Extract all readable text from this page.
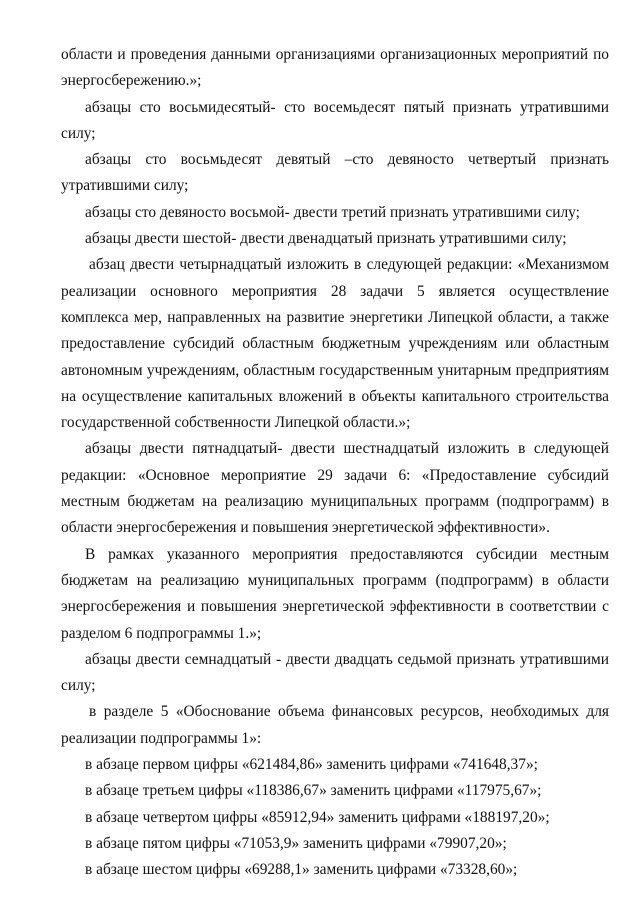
области и проведения данными организациями организационных мероприятий по энергосбережению.»;

абзацы сто восьмидесятый- сто восемьдесят пятый признать утратившими силу;

абзацы сто восьмьдесят девятый –сто девяносто четвертый признать утратившими силу;

абзацы сто девяносто восьмой- двести третий признать утратившими силу;

абзацы двести шестой- двести двенадцатый признать утратившими силу;

абзац двести четырнадцатый изложить в следующей редакции: «Механизмом реализации основного мероприятия 28 задачи 5 является осуществление комплекса мер, направленных на развитие энергетики Липецкой области, а также предоставление субсидий областным бюджетным учреждениям или областным автономным учреждениям, областным государственным унитарным предприятиям на осуществление капитальных вложений в объекты капитального строительства государственной собственности Липецкой области.»;

абзацы двести пятнадцатый- двести шестнадцатый изложить в следующей редакции: «Основное мероприятие 29 задачи 6: «Предоставление субсидий местным бюджетам на реализацию муниципальных программ (подпрограмм) в области энергосбережения и повышения энергетической эффективности».

В рамках указанного мероприятия предоставляются субсидии местным бюджетам на реализацию муниципальных программ (подпрограмм) в области энергосбережения и повышения энергетической эффективности в соответствии с разделом 6 подпрограммы 1.»;

абзацы двести семнадцатый - двести двадцать седьмой признать утратившими силу;

в разделе 5 «Обоснование объема финансовых ресурсов, необходимых для реализации подпрограммы 1»:

в абзаце первом цифры «621484,86» заменить цифрами «741648,37»;

в абзаце третьем цифры «118386,67» заменить цифрами «117975,67»;

в абзаце четвертом цифры «85912,94» заменить цифрами «188197,20»;

в абзаце пятом цифры «71053,9» заменить цифрами «79907,20»;

в абзаце шестом цифры «69288,1» заменить цифрами «73328,60»;
